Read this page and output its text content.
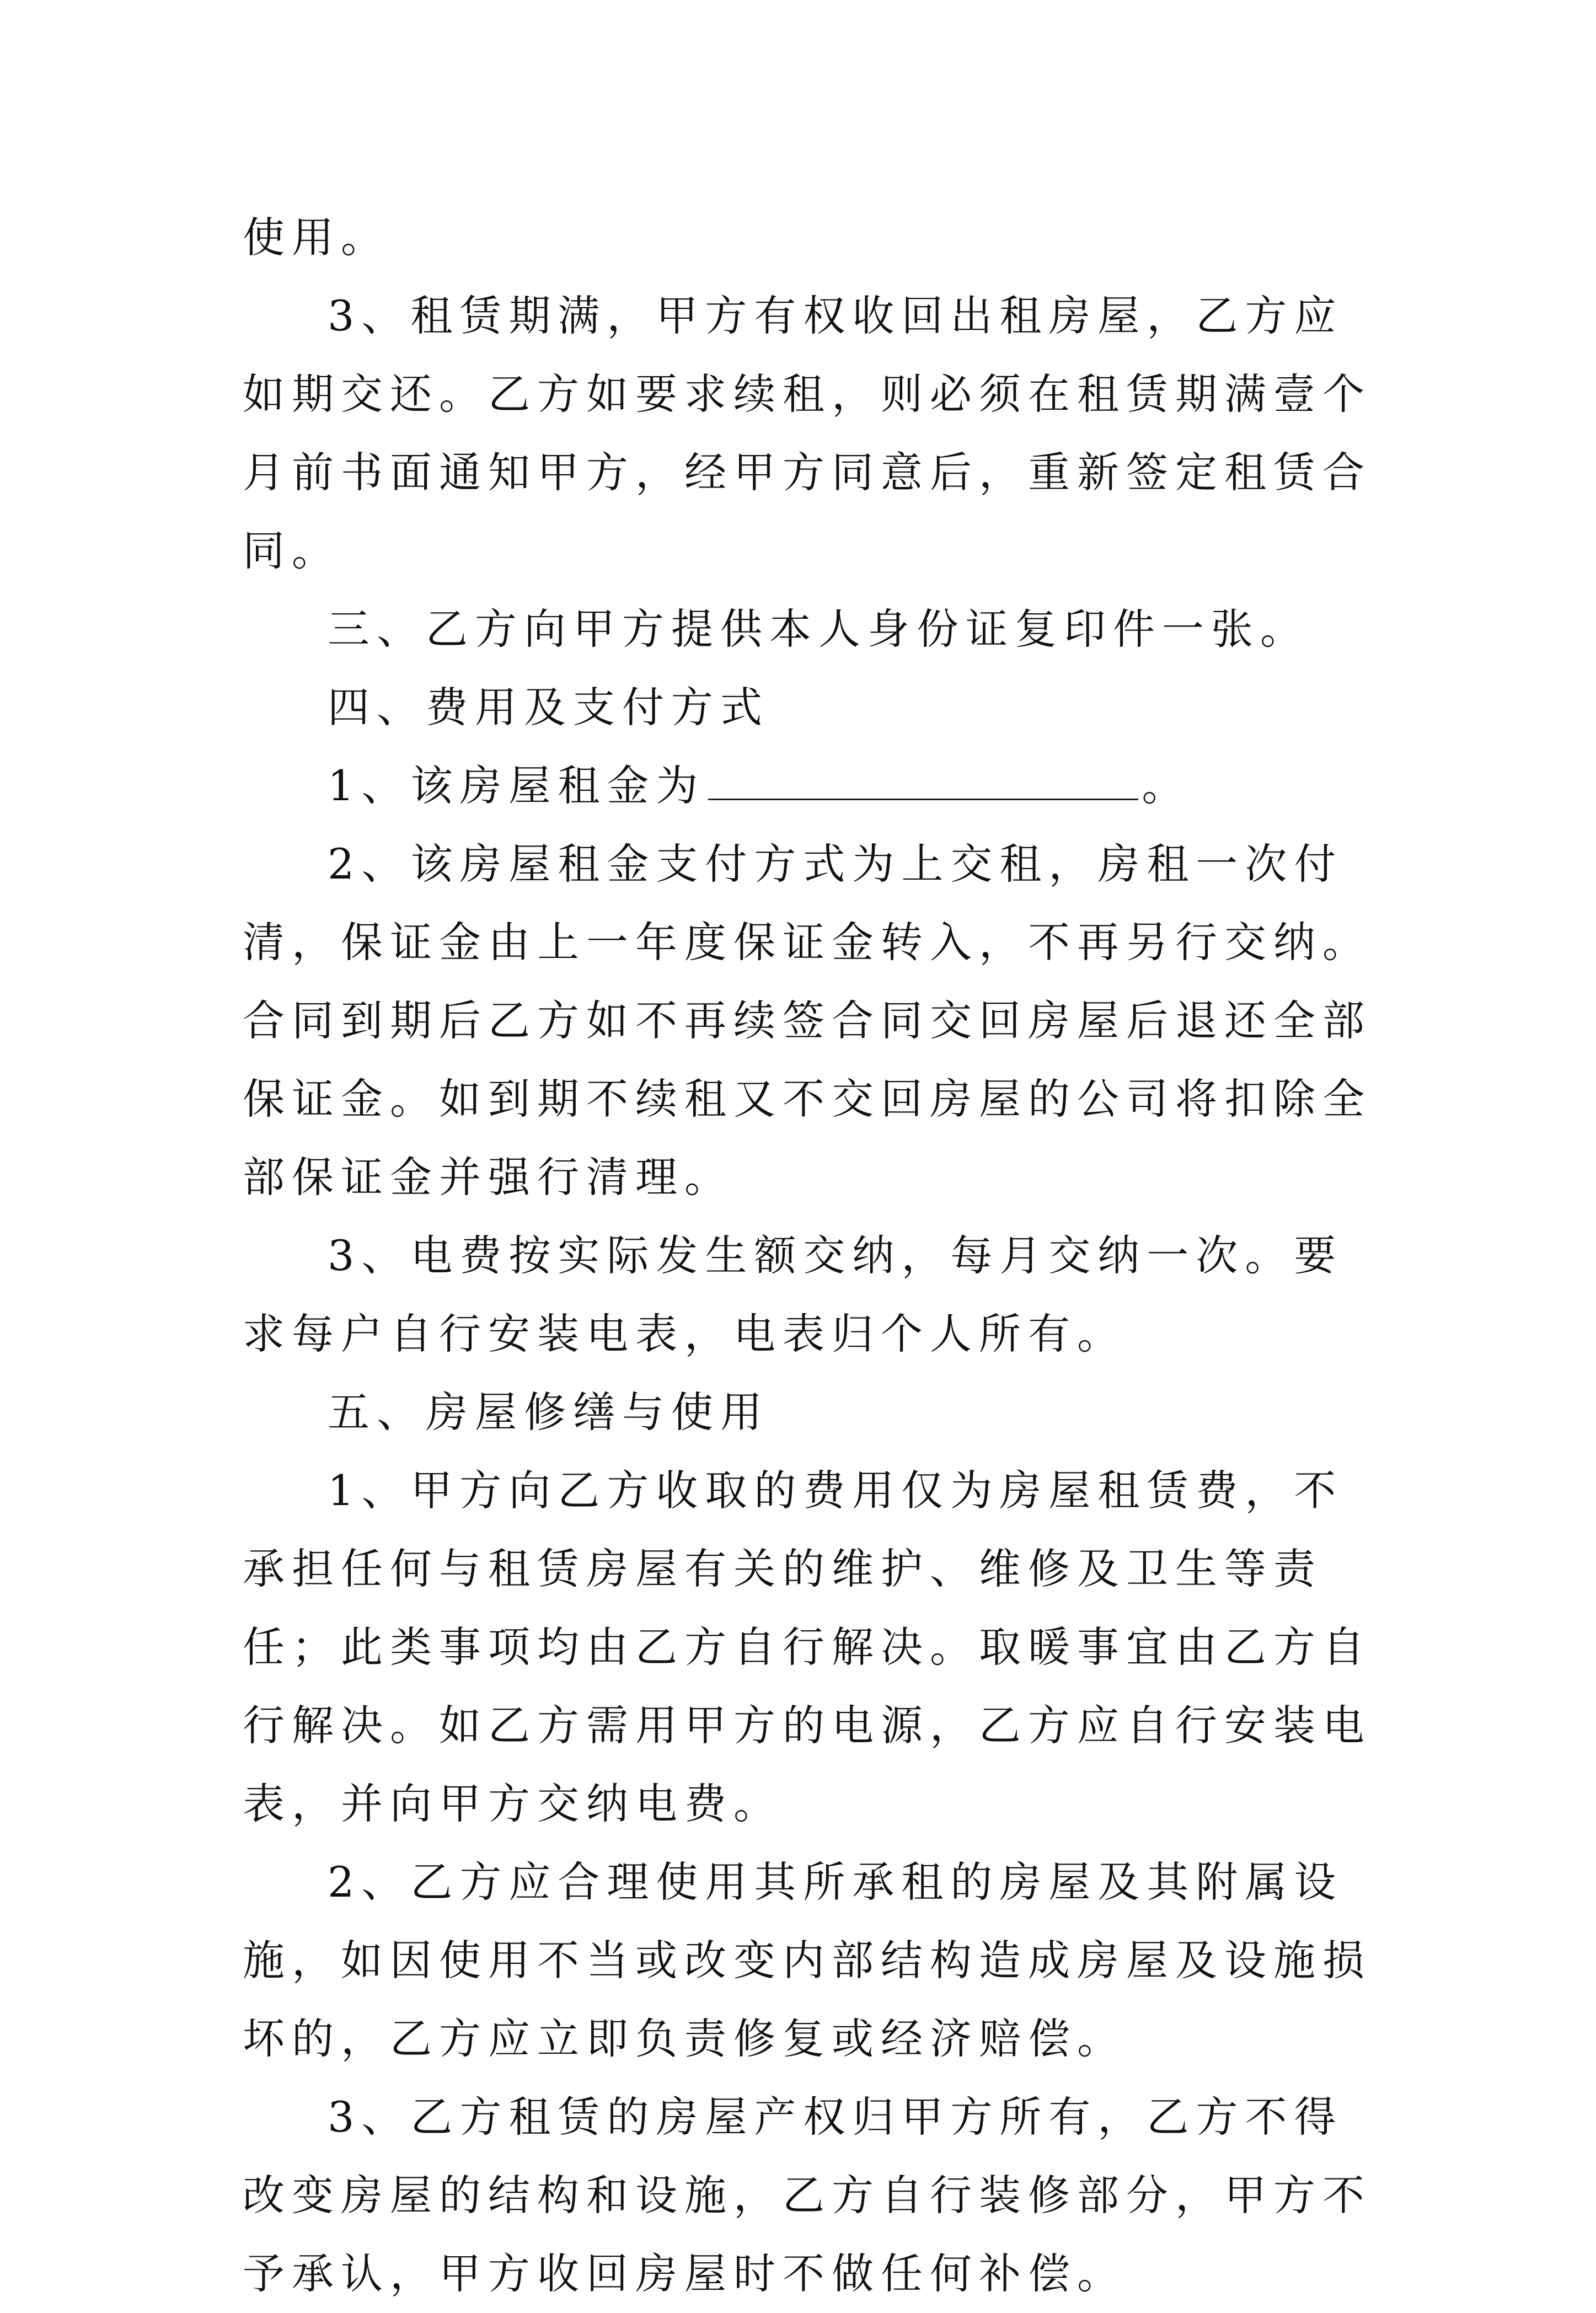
使用。

3、租赁期满，甲方有权收回出租房屋，乙方应如期交还。乙方如要求续租，则必须在租赁期满壹个月前书面通知甲方，经甲方同意后，重新签定租赁合同。

三、乙方向甲方提供本人身份证复印件一张。

四、费用及支付方式

1、该房屋租金为	。

2、该房屋租金支付方式为上交租，房租一次付清，保证金由上一年度保证金转入，不再另行交纳。合同到期后乙方如不再续签合同交回房屋后退还全部保证金。如到期不续租又不交回房屋的公司将扣除全部保证金并强行清理。

3、电费按实际发生额交纳，每月交纳一次。要求每户自行安装电表，电表归个人所有。

五、房屋修缮与使用

1、甲方向乙方收取的费用仅为房屋租赁费，不承担任何与租赁房屋有关的维护、维修及卫生等责任；此类事项均由乙方自行解决。取暖事宜由乙方自行解决。如乙方需用甲方的电源，乙方应自行安装电表，并向甲方交纳电费。

2、乙方应合理使用其所承租的房屋及其附属设施，如因使用不当或改变内部结构造成房屋及设施损坏的，乙方应立即负责修复或经济赔偿。

3、乙方租赁的房屋产权归甲方所有，乙方不得改变房屋的结构和设施，乙方自行装修部分，甲方不予承认，甲方收回房屋时不做任何补偿。
